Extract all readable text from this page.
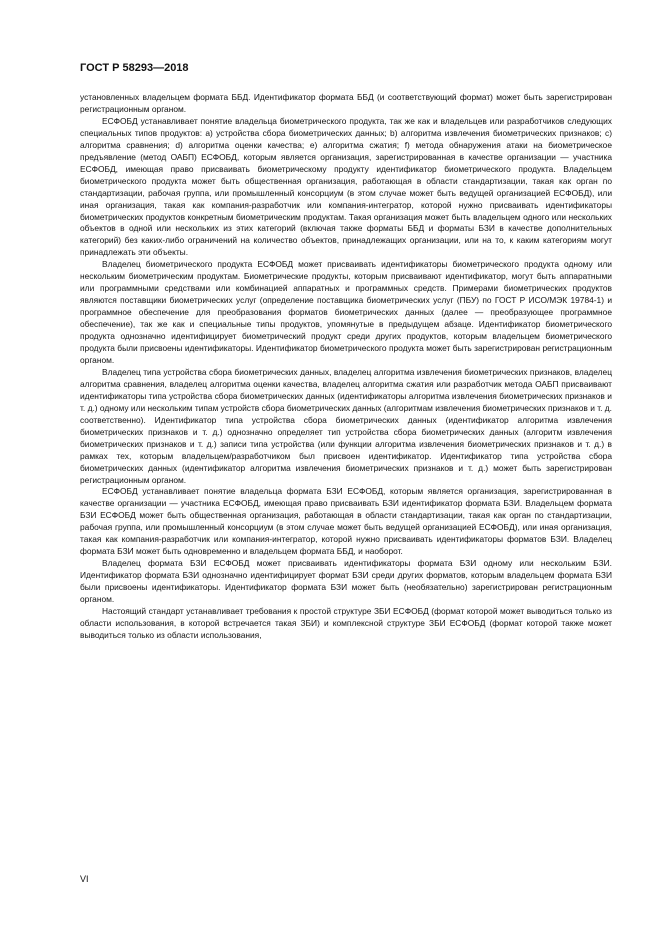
ГОСТ Р 58293—2018

установленных владельцем формата ББД. Идентификатор формата ББД (и соответствующий формат) может быть зарегистрирован регистрационным органом.

ЕСФОБД устанавливает понятие владельца биометрического продукта, так же как и владельцев или разработчиков следующих специальных типов продуктов: a) устройства сбора биометрических данных; b) алгоритма извлечения биометрических признаков; c) алгоритма сравнения; d) алгоритма оценки качества; e) алгоритма сжатия; f) метода обнаружения атаки на биометрическое предъявление (метод ОАБП) ЕСФОБД, которым является организация, зарегистрированная в качестве организации — участника ЕСФОБД, имеющая право присваивать биометрическому продукту идентификатор биометрического продукта. Владельцем биометрического продукта может быть общественная организация, работающая в области стандартизации, такая как орган по стандартизации, рабочая группа, или промышленный консорциум (в этом случае может быть ведущей организацией ЕСФОБД), или иная организация, такая как компания-разработчик или компания-интегратор, которой нужно присваивать идентификаторы биометрических продуктов конкретным биометрическим продуктам. Такая организация может быть владельцем одного или нескольких объектов в одной или нескольких из этих категорий (включая также форматы ББД и форматы БЗИ в качестве дополнительных категорий) без каких-либо ограничений на количество объектов, принадлежащих организации, или на то, к каким категориям могут принадлежать эти объекты.

Владелец биометрического продукта ЕСФОБД может присваивать идентификаторы биометрического продукта одному или нескольким биометрическим продуктам. Биометрические продукты, которым присваивают идентификатор, могут быть аппаратными или программными средствами или комбинацией аппаратных и программных средств. Примерами биометрических продуктов являются поставщики биометрических услуг (определение поставщика биометрических услуг (ПБУ) по ГОСТ Р ИСО/МЭК 19784-1) и программное обеспечение для преобразования форматов биометрических данных (далее — преобразующее программное обеспечение), так же как и специальные типы продуктов, упомянутые в предыдущем абзаце. Идентификатор биометрического продукта однозначно идентифицирует биометрический продукт среди других продуктов, которым владельцем биометрического продукта были присвоены идентификаторы. Идентификатор биометрического продукта может быть зарегистрирован регистрационным органом.

Владелец типа устройства сбора биометрических данных, владелец алгоритма извлечения биометрических признаков, владелец алгоритма сравнения, владелец алгоритма оценки качества, владелец алгоритма сжатия или разработчик метода ОАБП присваивают идентификаторы типа устройства сбора биометрических данных (идентификаторы алгоритма извлечения биометрических признаков и т. д.) одному или нескольким типам устройств сбора биометрических данных (алгоритмам извлечения биометрических признаков и т. д. соответственно). Идентификатор типа устройства сбора биометрических данных (идентификатор алгоритма извлечения биометрических признаков и т. д.) однозначно определяет тип устройства сбора биометрических данных (алгоритм извлечения биометрических признаков и т. д.) записи типа устройства (или функции алгоритма извлечения биометрических признаков и т. д.) в рамках тех, которым владельцем/разработчиком был присвоен идентификатор. Идентификатор типа устройства сбора биометрических данных (идентификатор алгоритма извлечения биометрических признаков и т. д.) может быть зарегистрирован регистрационным органом.

ЕСФОБД устанавливает понятие владельца формата БЗИ ЕСФОБД, которым является организация, зарегистрированная в качестве организации — участника ЕСФОБД, имеющая право присваивать БЗИ идентификатор формата БЗИ. Владельцем формата БЗИ ЕСФОБД может быть общественная организация, работающая в области стандартизации, такая как орган по стандартизации, рабочая группа, или промышленный консорциум (в этом случае может быть ведущей организацией ЕСФОБД), или иная организация, такая как компания-разработчик или компания-интегратор, которой нужно присваивать идентификаторы форматов БЗИ. Владелец формата БЗИ может быть одновременно и владельцем формата ББД, и наоборот.

Владелец формата БЗИ ЕСФОБД может присваивать идентификаторы формата БЗИ одному или нескольким БЗИ. Идентификатор формата БЗИ однозначно идентифицирует формат БЗИ среди других форматов, которым владельцем формата БЗИ были присвоены идентификаторы. Идентификатор формата БЗИ может быть (необязательно) зарегистрирован регистрационным органом.

Настоящий стандарт устанавливает требования к простой структуре ЗБИ ЕСФОБД (формат которой может выводиться только из области использования, в которой встречается такая ЗБИ) и комплексной структуре ЗБИ ЕСФОБД (формат которой также может выводиться только из области использования,

VI
